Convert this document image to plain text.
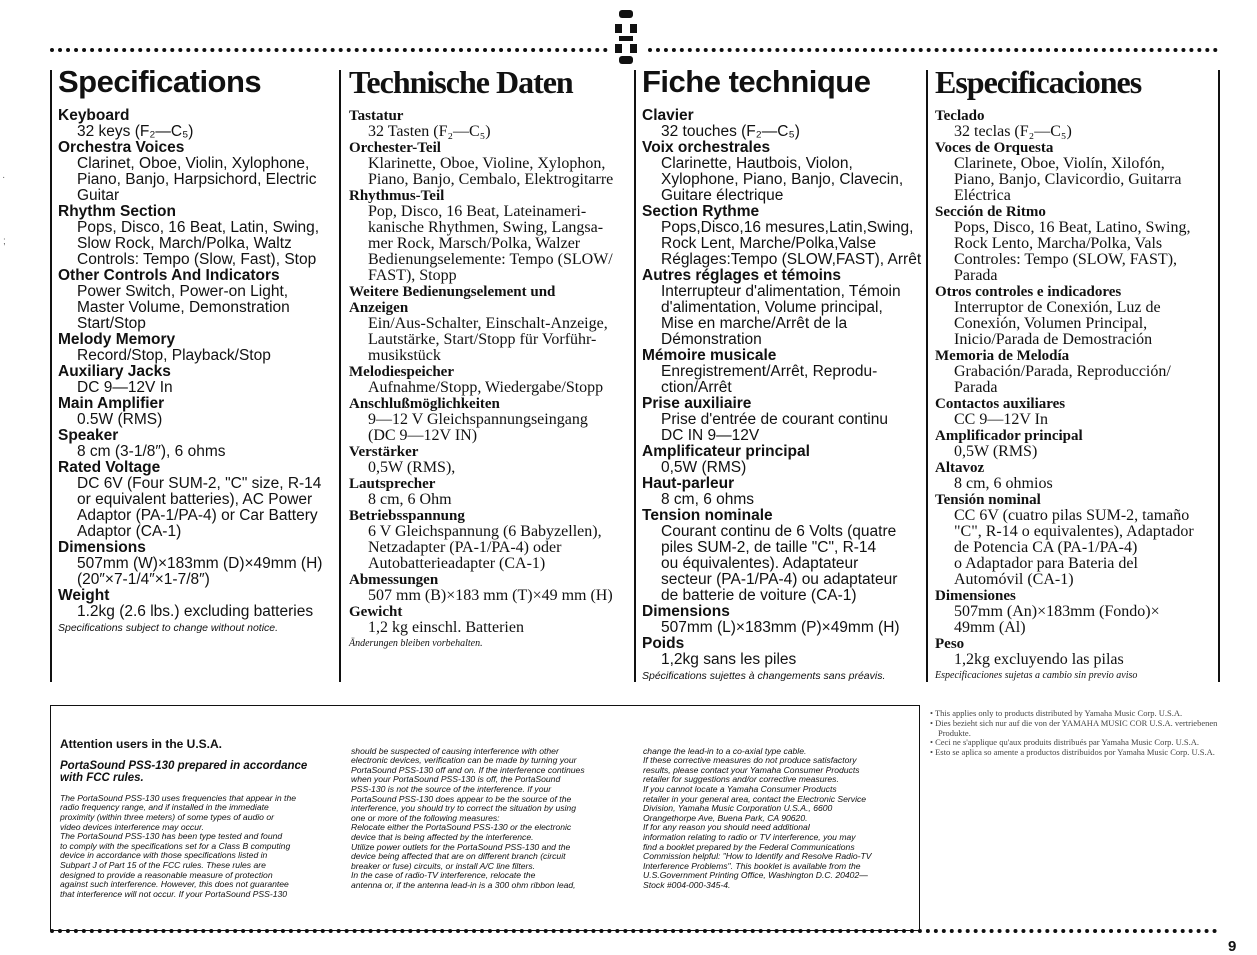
·
;
Specifications
Keyboard
32 keys (F₂—C₅)
Orchestra Voices
Clarinet, Oboe, Violin, Xylophone,
Piano, Banjo, Harpsichord, Electric
Guitar
Rhythm Section
Pops, Disco, 16 Beat, Latin, Swing,
Slow Rock, March/Polka, Waltz
Controls: Tempo (Slow, Fast), Stop
Other Controls And Indicators
Power Switch, Power-on Light,
Master Volume, Demonstration
Start/Stop
Melody Memory
Record/Stop, Playback/Stop
Auxiliary Jacks
DC 9—12V In
Main Amplifier
0.5W (RMS)
Speaker
8 cm (3-1/8″), 6 ohms
Rated Voltage
DC 6V (Four SUM-2, "C" size, R-14
or equivalent batteries), AC Power
Adaptor (PA-1/PA-4) or Car Battery
Adaptor (CA-1)
Dimensions
507mm (W)×183mm (D)×49mm (H)
(20″×7-1/4″×1-7/8″)
Weight
1.2kg (2.6 lbs.) excluding batteries
Specifications subject to change without notice.
Technische Daten
Tastatur
32 Tasten (F₂—C₅)
Orchester-Teil
Klarinette, Oboe, Violine, Xylophon,
Piano, Banjo, Cembalo, Elektrogitarre
Rhythmus-Teil
Pop, Disco, 16 Beat, Lateinameri-
kanische Rhythmen, Swing, Langsa-
mer Rock, Marsch/Polka, Walzer
Bedienungselemente: Tempo (SLOW/
FAST), Stopp
Weitere Bedienungselement und
Anzeigen
Ein/Aus-Schalter, Einschalt-Anzeige,
Lautstärke, Start/Stopp für Vorführ-
musikstück
Melodiespeicher
Aufnahme/Stopp, Wiedergabe/Stopp
Anschlußmöglichkeiten
9—12 V Gleichspannungseingang
(DC 9—12V IN)
Verstärker
0,5W (RMS),
Lautsprecher
8 cm, 6 Ohm
Betriebsspannung
6 V Gleichspannung (6 Babyzellen),
Netzadapter (PA-1/PA-4) oder
Autobatterieadapter (CA-1)
Abmessungen
507 mm (B)×183 mm (T)×49 mm (H)
Gewicht
1,2 kg einschl. Batterien
Änderungen bleiben vorbehalten.
Fiche technique
Clavier
32 touches (F₂—C₅)
Voix orchestrales
Clarinette, Hautbois, Violon,
Xylophone, Piano, Banjo, Clavecin,
Guitare électrique
Section Rythme
Pops,Disco,16 mesures,Latin,Swing,
Rock Lent, Marche/Polka,Valse
Réglages:Tempo (SLOW,FAST), Arrêt
Autres réglages et témoins
Interrupteur d'alimentation, Témoin
d'alimentation, Volume principal,
Mise en marche/Arrêt de la
Démonstration
Mémoire musicale
Enregistrement/Arrêt, Reprodu-
ction/Arrêt
Prise auxiliaire
Prise d'entrée de courant continu
DC IN 9—12V
Amplificateur principal
0,5W (RMS)
Haut-parleur
8 cm, 6 ohms
Tension nominale
Courant continu de 6 Volts (quatre
piles SUM-2, de taille "C", R-14
ou équivalentes). Adaptateur
secteur (PA-1/PA-4) ou adaptateur
de batterie de voiture (CA-1)
Dimensions
507mm (L)×183mm (P)×49mm (H)
Poids
1,2kg sans les piles
Spécifications sujettes à changements sans préavis.
Especificaciones
Teclado
32 teclas (F₂—C₅)
Voces de Orquesta
Clarinete, Oboe, Violín, Xilofón,
Piano, Banjo, Clavicordio, Guitarra
Eléctrica
Sección de Ritmo
Pops, Disco, 16 Beat, Latino, Swing,
Rock Lento, Marcha/Polka, Vals
Controles: Tempo (SLOW, FAST),
Parada
Otros controles e indicadores
Interruptor de Conexión, Luz de
Conexión, Volumen Principal,
Inicio/Parada de Demostración
Memoria de Melodía
Grabación/Parada, Reproducción/
Parada
Contactos auxiliares
CC 9—12V In
Amplificador principal
0,5W (RMS)
Altavoz
8 cm, 6 ohmios
Tensión nominal
CC 6V (cuatro pilas SUM-2, tamaño
"C", R-14 o equivalentes), Adaptador
de Potencia CA (PA-1/PA-4)
o Adaptador para Bateria del
Automóvil (CA-1)
Dimensiones
507mm (An)×183mm (Fondo)×
49mm (Al)
Peso
1,2kg excluyendo las pilas
Especificaciones sujetas a cambio sin previo aviso

Attention users in the U.S.A.

PortaSound PSS-130 prepared in accordance
with FCC rules.

The PortaSound PSS-130 uses frequencies that appear in the
radio frequency range, and if installed in the immediate
proximity (within three meters) of some types of audio or
video devices interference may occur.
The PortaSound PSS-130 has been type tested and found
to comply with the specifications set for a Class B computing
device in accordance with those specifications listed in
Subpart J of Part 15 of the FCC rules. These rules are
designed to provide a reasonable measure of protection
against such interference. However, this does not guarantee
that interference will not occur. If your PortaSound PSS-130

should be suspected of causing interference with other
electronic devices, verification can be made by turning your
PortaSound PSS-130 off and on. If the interference continues
when your PortaSound PSS-130 is off, the PortaSound
PSS-130 is not the source of the interference. If your
PortaSound PSS-130 does appear to be the source of the
interference, you should try to correct the situation by using
one or more of the following measures:
Relocate either the PortaSound PSS-130 or the electronic
device that is being affected by the interference.
Utilize power outlets for the PortaSound PSS-130 and the
device being affected that are on different branch (circuit
breaker or fuse) circuits, or install A/C line filters.
In the case of radio-TV interference, relocate the
antenna or, if the antenna lead-in is a 300 ohm ribbon lead,

change the lead-in to a co-axial type cable.
If these corrective measures do not produce satisfactory
results, please contact your Yamaha Consumer Products
retailer for suggestions and/or corrective measures.
If you cannot locate a Yamaha Consumer Products
retailer in your general area, contact the Electronic Service
Division, Yamaha Music Corporation U.S.A., 6600
Orangethorpe Ave, Buena Park, CA 90620.
If for any reason you should need additional
information relating to radio or TV interference, you may
find a booklet prepared by the Federal Communications
Commission helpful: "How to Identify and Resolve Radio-TV
Interference Problems". This booklet is available from the
U.S.Government Printing Office, Washington D.C. 20402—
Stock #004-000-345-4.

• This applies only to products distributed by Yamaha Music Corp. U.S.A.
• Dies bezieht sich nur auf die von der YAMAHA MUSIC COR U.S.A. vertriebenen Produkte.
• Ceci ne s'applique qu'aux produits distribués par Yamaha Music Corp. U.S.A.
• Esto se aplica so amente a productos distribuidos por Yamaha Music Corp. U.S.A.
9
